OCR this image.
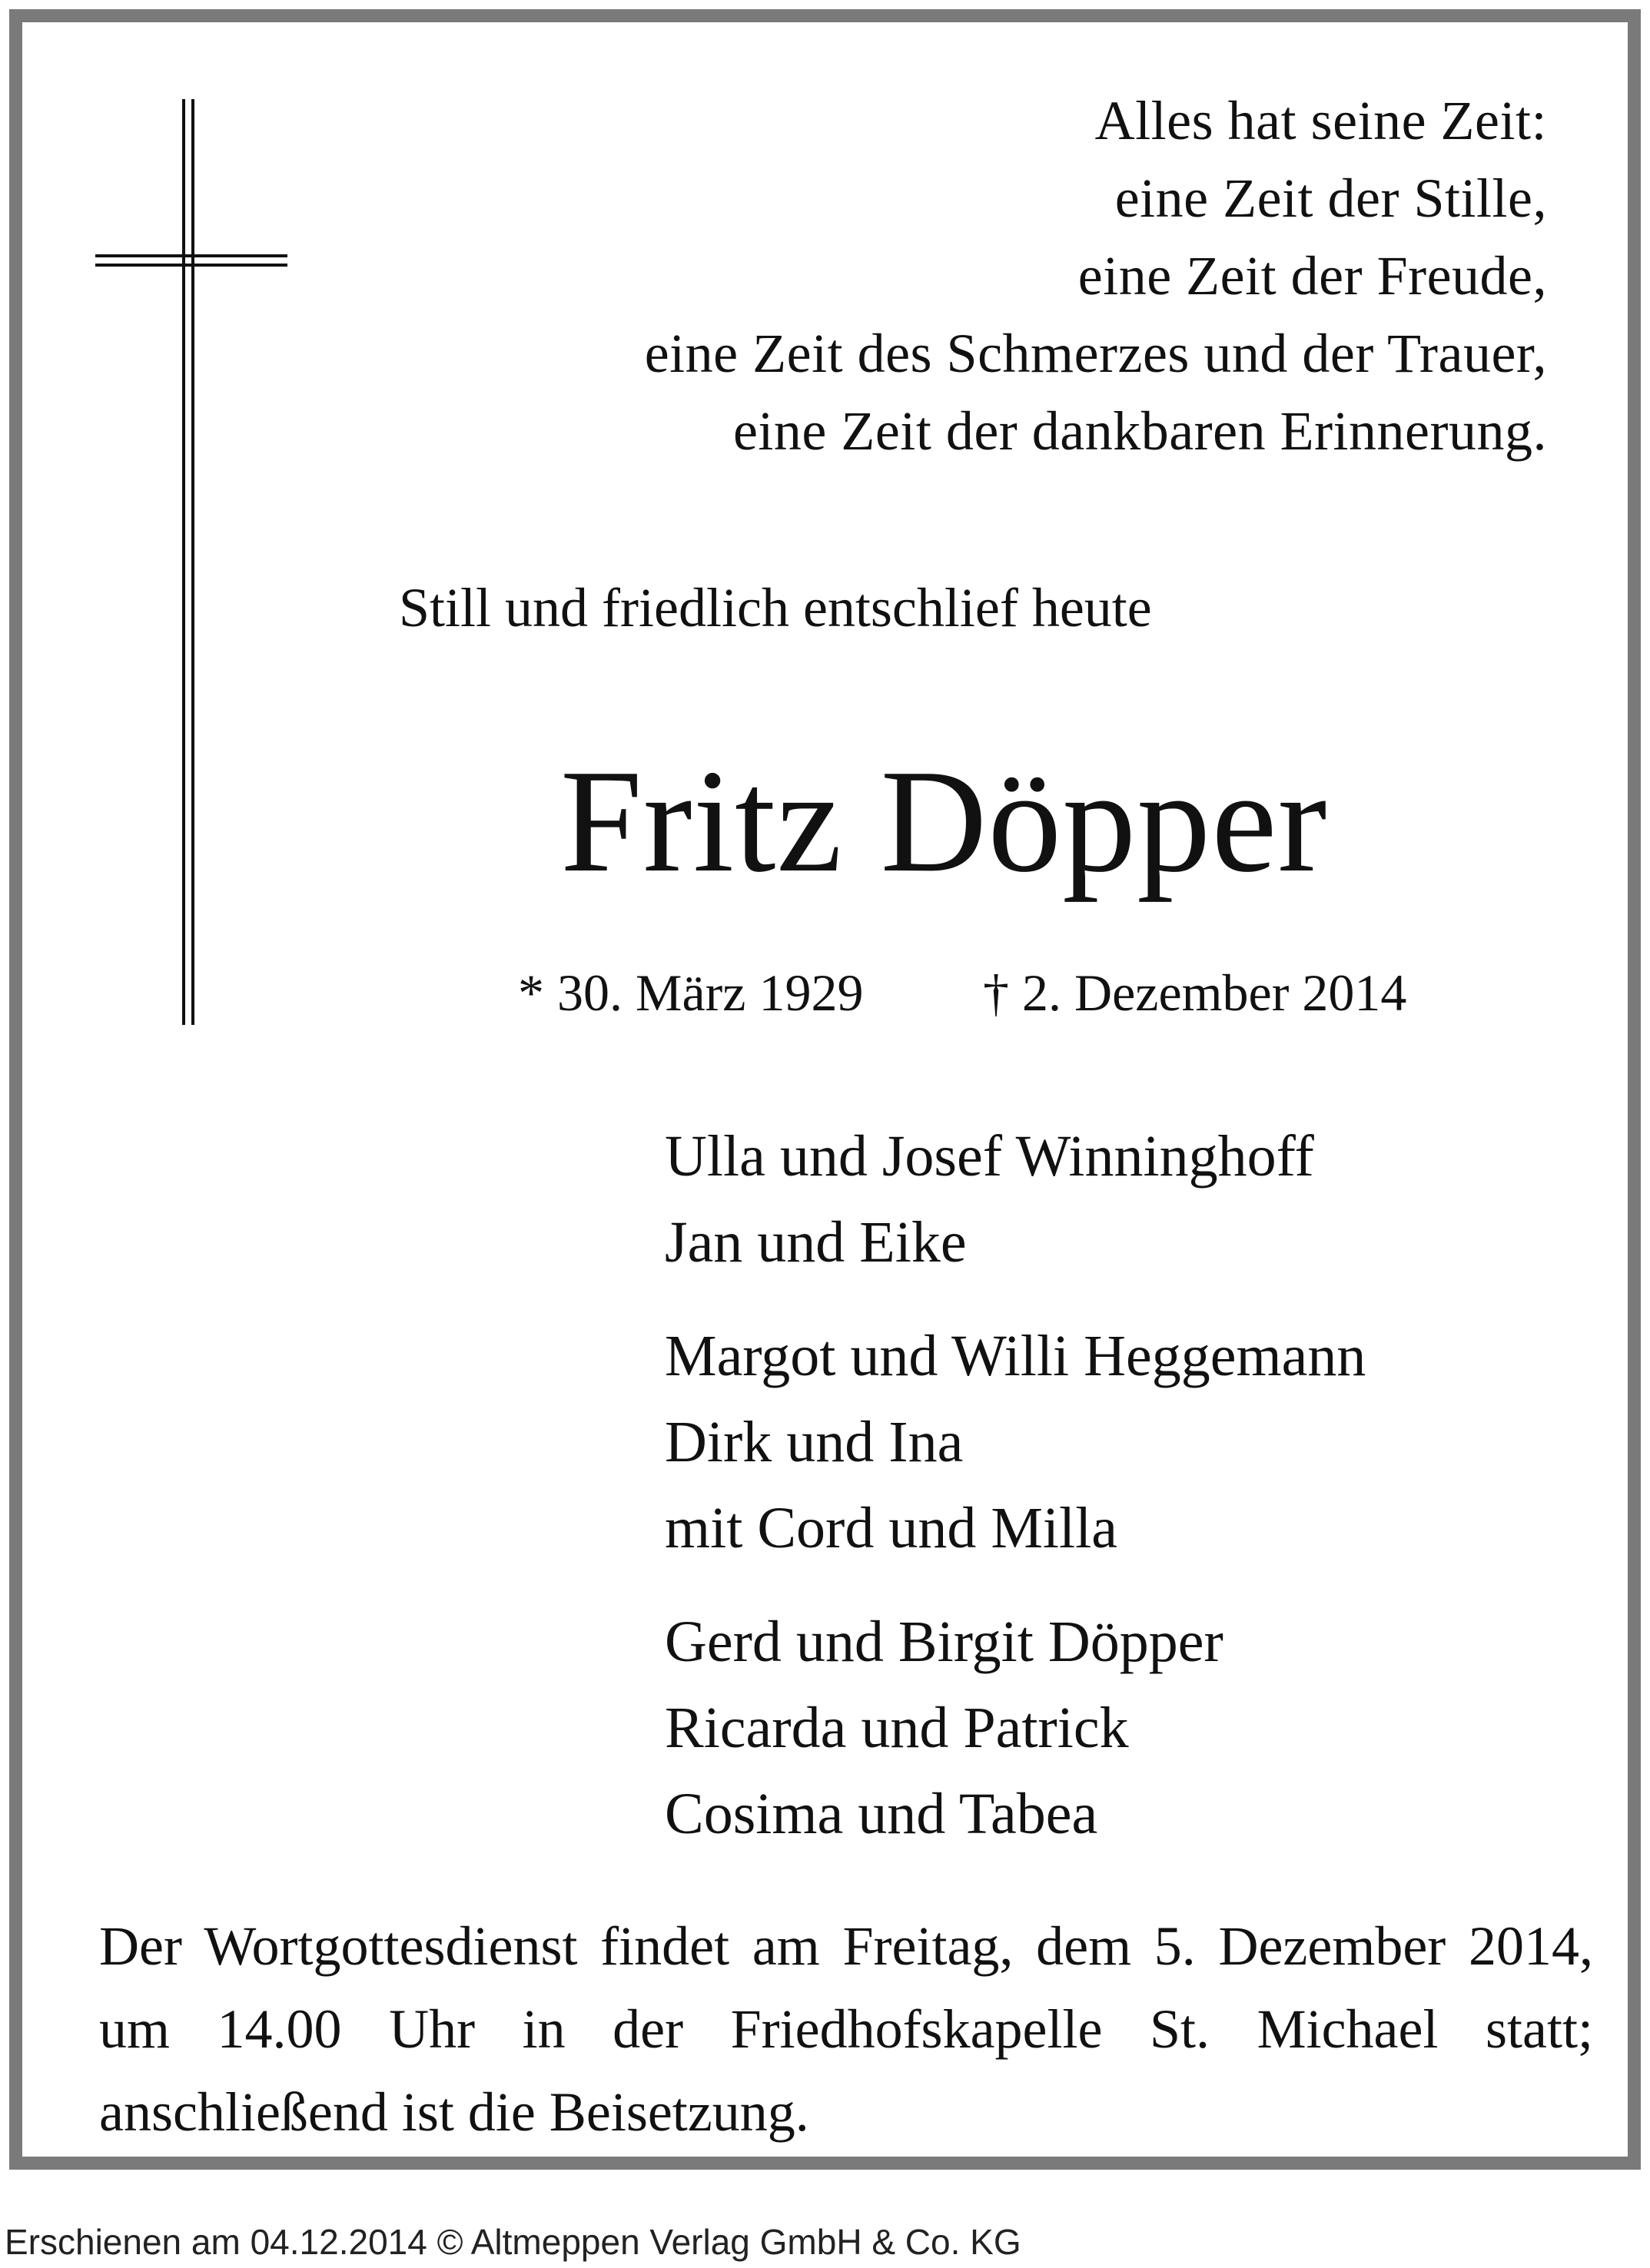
Alles hat seine Zeit:
eine Zeit der Stille,
eine Zeit der Freude,
eine Zeit des Schmerzes und der Trauer,
eine Zeit der dankbaren Erinnerung.
Still und friedlich entschlief heute
Fritz Döpper
* 30. März 1929 † 2. Dezember 2014
Ulla und Josef Winninghoff
Jan und Eike
Margot und Willi Heggemann
Dirk und Ina
mit Cord und Milla
Gerd und Birgit Döpper
Ricarda und Patrick
Cosima und Tabea
Der Wortgottesdienst findet am Freitag, dem 5. Dezember 2014, um 14.00 Uhr in der Friedhofskapelle St. Michael statt; anschließend ist die Beisetzung.
Erschienen am 04.12.2014 © Altmeppen Verlag GmbH & Co. KG
